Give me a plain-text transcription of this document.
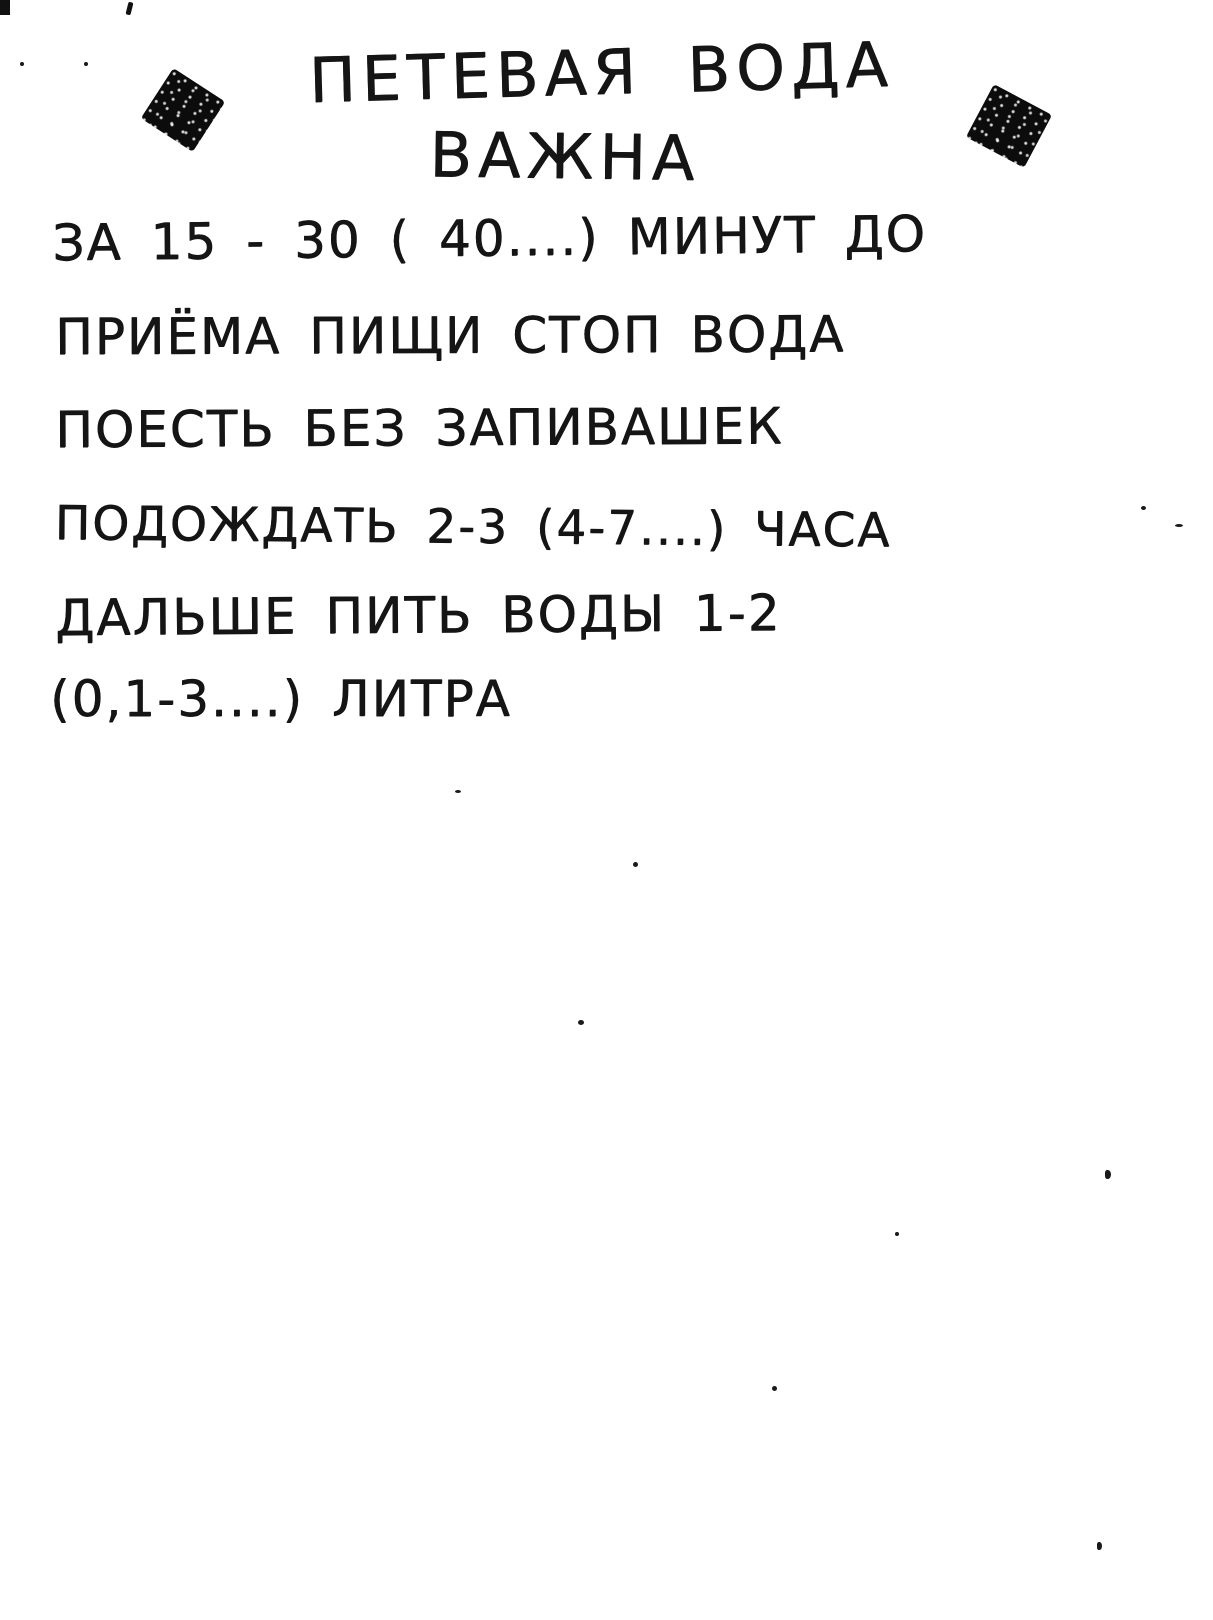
ПЕТЕВАЯ ВОДА
ВАЖНА
ЗА 15 - 30 ( 40....) МИНУТ ДО
ПРИЁМА ПИЩИ СТОП ВОДА
ПОЕСТЬ БЕЗ ЗАПИВАШЕК
ПОДОЖДАТЬ 2-3 (4-7....) ЧАСА
ДАЛЬШЕ ПИТЬ ВОДЫ 1-2
(0,1-3....) ЛИТРА
